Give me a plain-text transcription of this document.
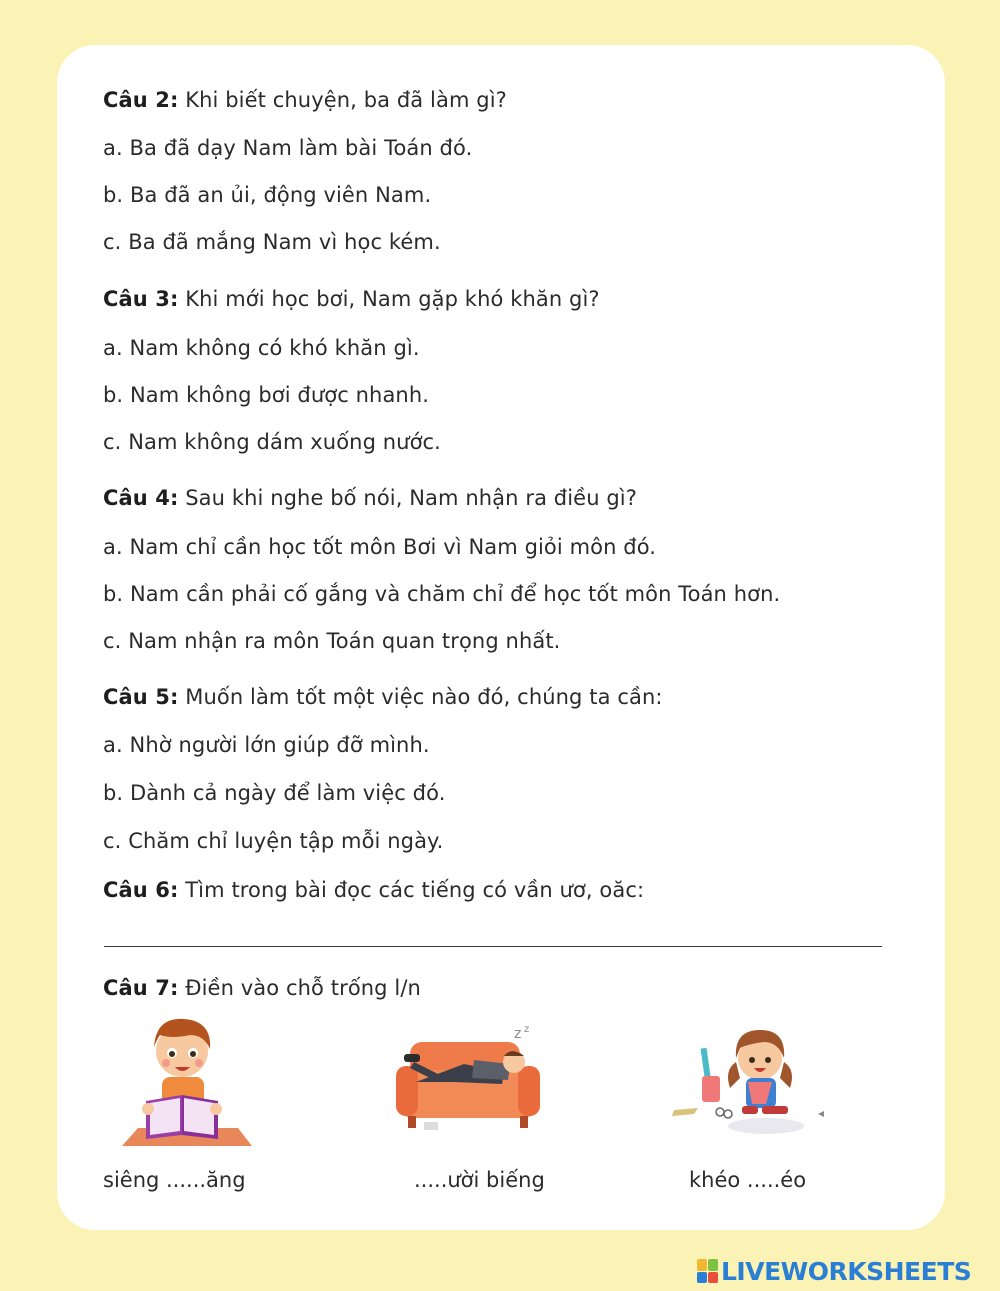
Câu 2: Khi biết chuyện, ba đã làm gì?
a. Ba đã dạy Nam làm bài Toán đó.
b. Ba đã an ủi, động viên Nam.
c. Ba đã mắng Nam vì học kém.
Câu 3: Khi mới học bơi, Nam gặp khó khăn gì?
a. Nam không có khó khăn gì.
b. Nam không bơi được nhanh.
c. Nam không dám xuống nước.
Câu 4: Sau khi nghe bố nói, Nam nhận ra điều gì?
a. Nam chỉ cần học tốt môn Bơi vì Nam giỏi môn đó.
b. Nam cần phải cố gắng và chăm chỉ để học tốt môn Toán hơn.
c. Nam nhận ra môn Toán quan trọng nhất.
Câu 5: Muốn làm tốt một việc nào đó, chúng ta cần:
a. Nhờ người lớn giúp đỡ mình.
b. Dành cả ngày để làm việc đó.
c. Chăm chỉ luyện tập mỗi ngày.
Câu 6: Tìm trong bài đọc các tiếng có vần ươ, oăc:
Câu 7: Điền vào chỗ trống l/n
z z
siêng ......ăng	.....ười biếng	khéo .....éo
LIVEWORKSHEETS
